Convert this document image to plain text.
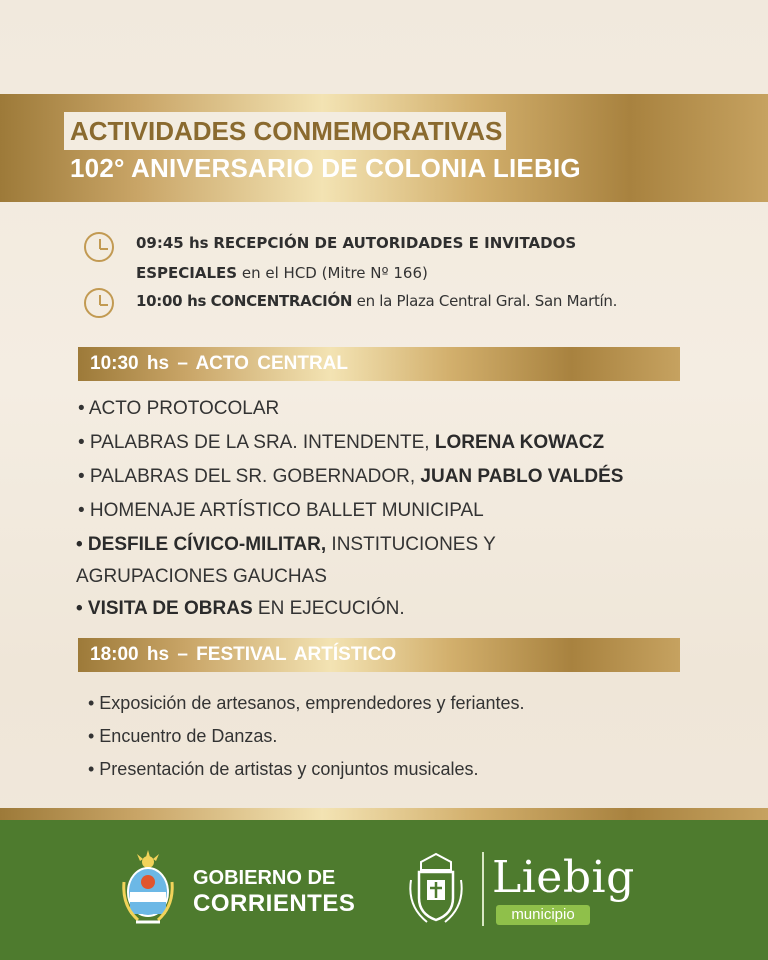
ACTIVIDADES CONMEMORATIVAS
102° ANIVERSARIO DE COLONIA LIEBIG
09:45 hs RECEPCIÓN DE AUTORIDADES E INVITADOS
ESPECIALES en el HCD (Mitre Nº 166)
10:00 hs CONCENTRACIÓN en la Plaza Central Gral. San Martín.
10:30 hs – ACTO CENTRAL
• ACTO PROTOCOLAR
• PALABRAS DE LA SRA. INTENDENTE, LORENA KOWACZ
• PALABRAS DEL SR. GOBERNADOR, JUAN PABLO VALDÉS
• HOMENAJE ARTÍSTICO BALLET MUNICIPAL
• DESFILE CÍVICO-MILITAR, INSTITUCIONES Y
AGRUPACIONES GAUCHAS
• VISITA DE OBRAS EN EJECUCIÓN.
18:00 hs – FESTIVAL ARTÍSTICO
• Exposición de artesanos, emprendedores y feriantes.
• Encuentro de Danzas.
• Presentación de artistas y conjuntos musicales.
GOBIERNO DE
CORRIENTES
Liebig
municipio
